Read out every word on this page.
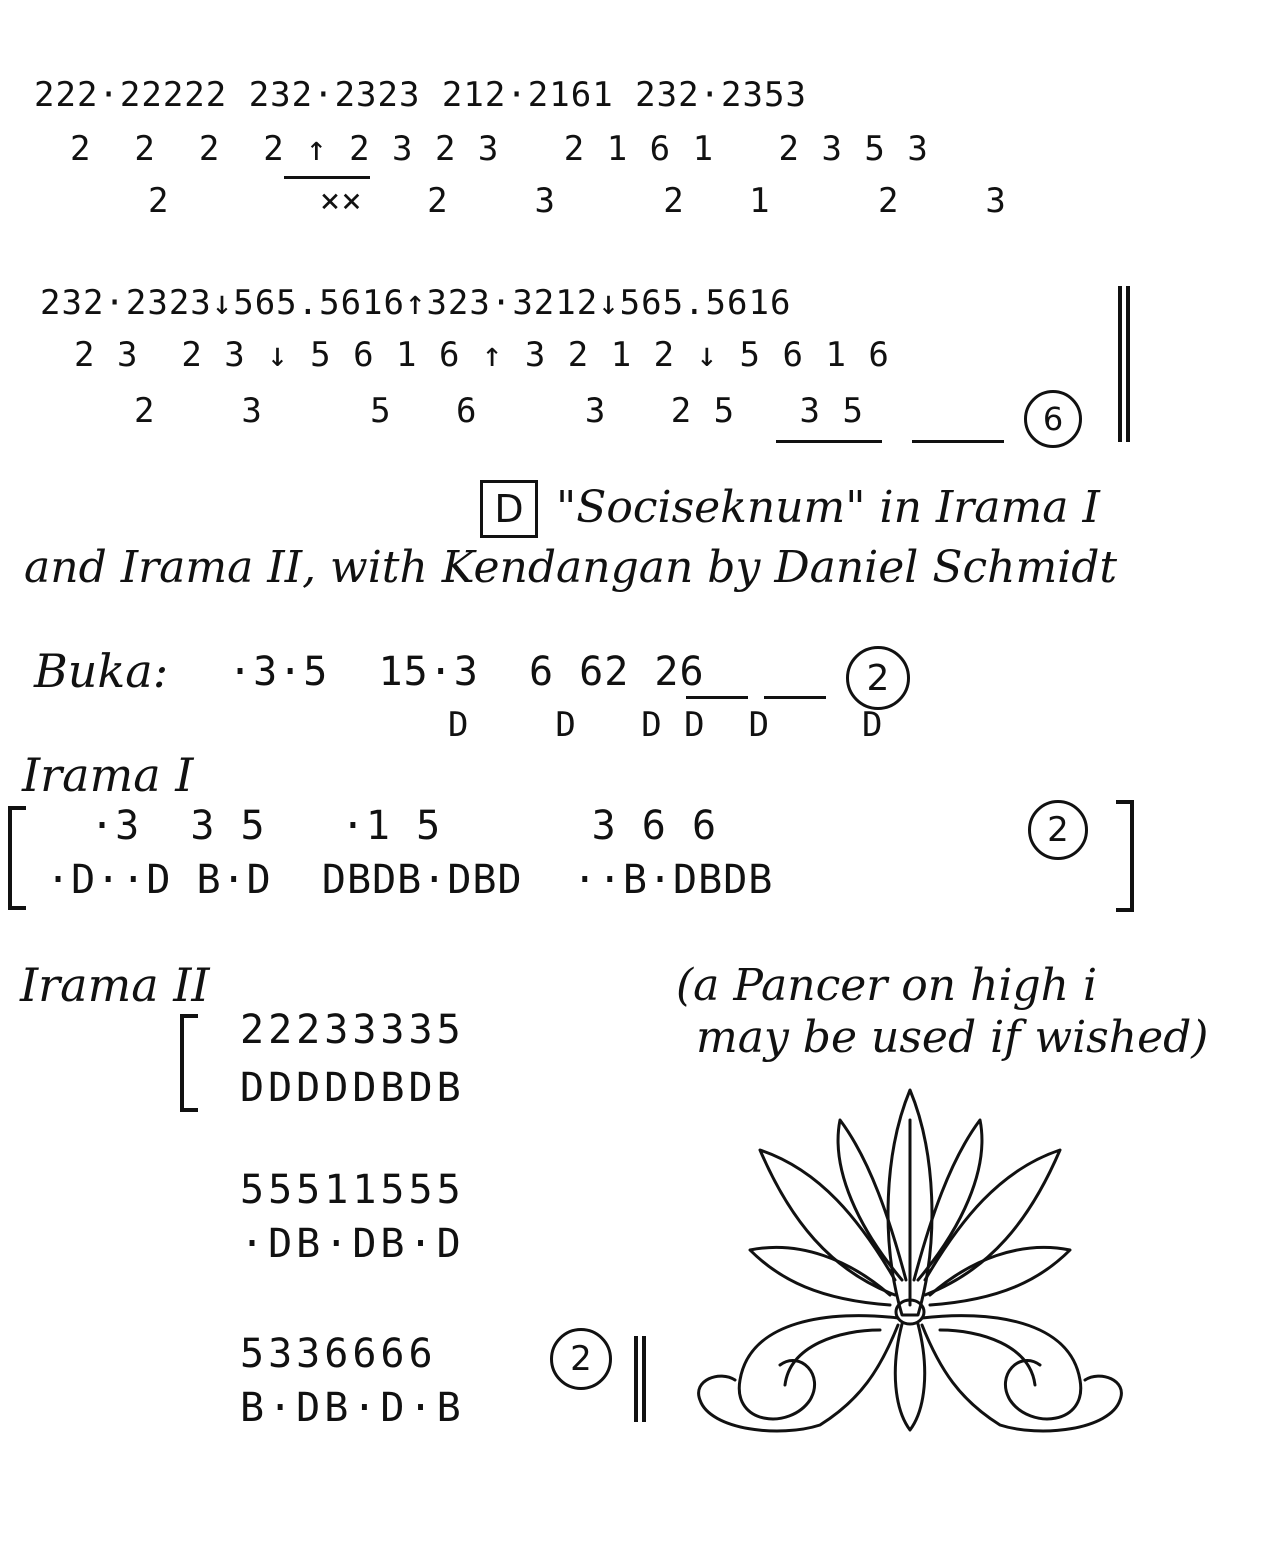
222·22222 232·2323 212·2161 232·2353
2  2  2  2 ↑ 2 3 2 3   2 1 6 1   2 3 5 3
2       ××   2    3     2   1     2    3
232·2323↓565.5616↑323·3212↓565.5616
2 3  2 3 ↓ 5 6 1 6 ↑ 3 2 1 2 ↓ 5 6 1 6
2    3     5   6     3   2 5   3 5	6
D "Sociseknum" in Irama I
and Irama II, with Kendangan by Daniel Schmidt
Buka: ·3·5  15·3  6 62 26
D    D   D D  D
2
D
Irama I
·3  3 5   ·1 5      3 6 6
·D··D B·D  DBDB·DBD  ··B·DBDB
2
Irama II	(a Pancer on high i
may be used if wished)
22233335
DDDDDBDB
55511555
·DB·DB·D
5336666	2
B·DB·D·B
